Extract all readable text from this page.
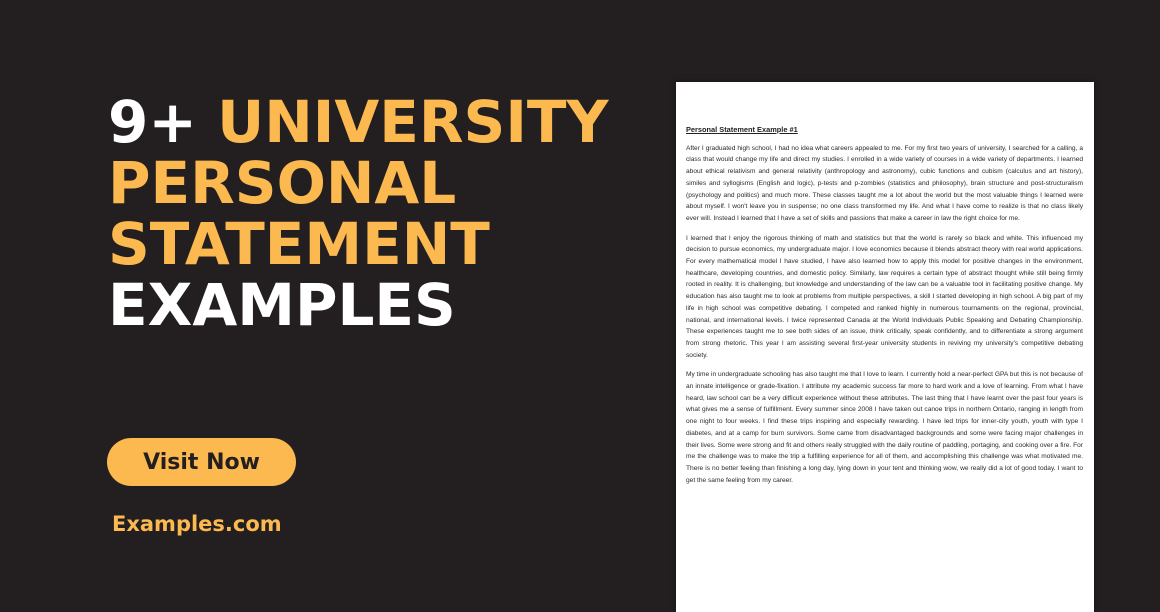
9+ UNIVERSITY
PERSONAL
STATEMENT
EXAMPLES
Visit Now
Examples.com

Personal Statement Example #1

After I graduated high school, I had no idea what careers appealed to me. For my first two years of university, I searched for a calling, a class that would change my life and direct my studies. I enrolled in a wide variety of courses in a wide variety of departments. I learned about ethical relativism and general relativity (anthropology and astronomy), cubic functions and cubism (calculus and art history), similes and syllogisms (English and logic), p-tests and p-zombies (statistics and philosophy), brain structure and post-structuralism (psychology and politics) and much more. These classes taught me a lot about the world but the most valuable things I learned were about myself. I won't leave you in suspense; no one class transformed my life. And what I have come to realize is that no class likely ever will. Instead I learned that I have a set of skills and passions that make a career in law the right choice for me.

I learned that I enjoy the rigorous thinking of math and statistics but that the world is rarely so black and white. This influenced my decision to pursue economics, my undergraduate major. I love economics because it blends abstract theory with real world applications. For every mathematical model I have studied, I have also learned how to apply this model for positive changes in the environment, healthcare, developing countries, and domestic policy. Similarly, law requires a certain type of abstract thought while still being firmly rooted in reality. It is challenging, but knowledge and understanding of the law can be a valuable tool in facilitating positive change. My education has also taught me to look at problems from multiple perspectives, a skill I started developing in high school. A big part of my life in high school was competitive debating. I competed and ranked highly in numerous tournaments on the regional, provincial, national, and international levels. I twice represented Canada at the World Individuals Public Speaking and Debating Championship. These experiences taught me to see both sides of an issue, think critically, speak confidently, and to differentiate a strong argument from strong rhetoric. This year I am assisting several first-year university students in reviving my university's competitive debating society.

My time in undergraduate schooling has also taught me that I love to learn. I currently hold a near-perfect GPA but this is not because of an innate intelligence or grade-fixation. I attribute my academic success far more to hard work and a love of learning. From what I have heard, law school can be a very difficult experience without these attributes. The last thing that I have learnt over the past four years is what gives me a sense of fulfillment. Every summer since 2008 I have taken out canoe trips in northern Ontario, ranging in length from one night to four weeks. I find these trips inspiring and especially rewarding. I have led trips for inner-city youth, youth with type I diabetes, and at a camp for burn survivors. Some came from disadvantaged backgrounds and some were facing major challenges in their lives. Some were strong and fit and others really struggled with the daily routine of paddling, portaging, and cooking over a fire. For me the challenge was to make the trip a fulfilling experience for all of them, and accomplishing this challenge was what motivated me. There is no better feeling than finishing a long day, lying down in your tent and thinking wow, we really did a lot of good today. I want to get the same feeling from my career.
